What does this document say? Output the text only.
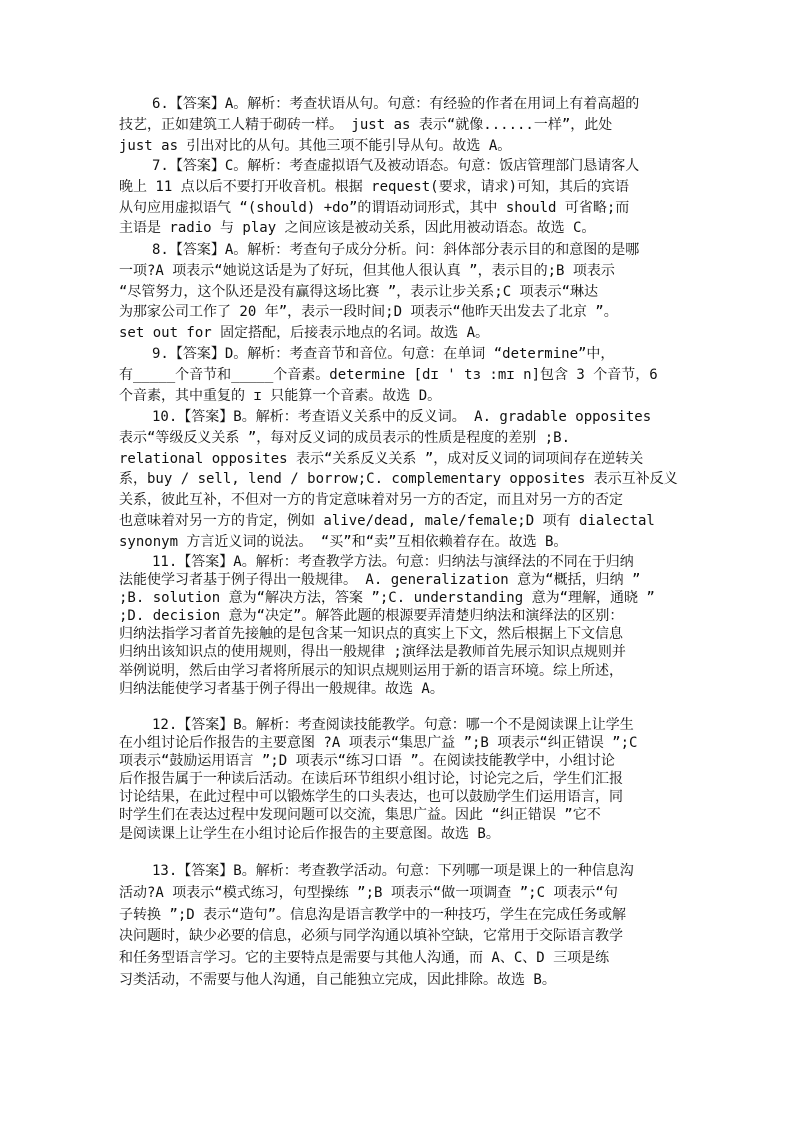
6.【答案】A。解析：考查状语从句。句意：有经验的作者在用词上有着高超的
技艺，正如建筑工人精于砌砖一样。 just as 表示“就像......一样”，此处
just as 引出对比的从句。其他三项不能引导从句。故选 A。
7.【答案】C。解析：考查虚拟语气及被动语态。句意：饭店管理部门恳请客人
晚上 11 点以后不要打开收音机。根据 request(要求，请求)可知，其后的宾语
从句应用虚拟语气 “(should) +do”的谓语动词形式，其中 should 可省略;而
主语是 radio 与 play 之间应该是被动关系，因此用被动语态。故选 C。
8.【答案】A。解析：考查句子成分分析。问：斜体部分表示目的和意图的是哪
一项?A 项表示“她说这话是为了好玩，但其他人很认真 ”，表示目的;B 项表示
“尽管努力，这个队还是没有赢得这场比赛 ”，表示让步关系;C 项表示“琳达
为那家公司工作了 20 年”，表示一段时间;D 项表示“他昨天出发去了北京 ”。
set out for 固定搭配，后接表示地点的名词。故选 A。
9.【答案】D。解析：考查音节和音位。句意：在单词 “determine”中，
有_____个音节和_____个音素。determine [dɪ ' tɜ :mɪ n]包含 3 个音节，6
个音素，其中重复的 ɪ 只能算一个音素。故选 D。
10.【答案】B。解析：考查语义关系中的反义词。 A. gradable opposites
表示“等级反义关系 ”，每对反义词的成员表示的性质是程度的差别 ;B.
relational opposites 表示“关系反义关系 ”，成对反义词的词项间存在逆转关
系，buy / sell, lend / borrow;C. complementary opposites 表示互补反义
关系，彼此互补，不但对一方的肯定意味着对另一方的否定，而且对另一方的否定
也意味着对另一方的肯定，例如 alive/dead, male/female;D 项有 dialectal
synonym 方言近义词的说法。 “买”和“卖”互相依赖着存在。故选 B。
11.【答案】A。解析：考查教学方法。句意：归纳法与演绎法的不同在于归纳
法能使学习者基于例子得出一般规律。 A. generalization 意为“概括，归纳 ”
;B. solution 意为“解决方法，答案 ”;C. understanding 意为“理解，通晓 ”
;D. decision 意为“决定”。解答此题的根源要弄清楚归纳法和演绎法的区别：
归纳法指学习者首先接触的是包含某一知识点的真实上下文，然后根据上下文信息
归纳出该知识点的使用规则，得出一般规律 ;演绎法是教师首先展示知识点规则并
举例说明，然后由学习者将所展示的知识点规则运用于新的语言环境。综上所述，
归纳法能使学习者基于例子得出一般规律。故选 A。
12.【答案】B。解析：考查阅读技能教学。句意：哪一个不是阅读课上让学生
在小组讨论后作报告的主要意图 ?A 项表示“集思广益 ”;B 项表示“纠正错误 ”;C
项表示“鼓励运用语言 ”;D 项表示“练习口语 ”。在阅读技能教学中，小组讨论
后作报告属于一种读后活动。在读后环节组织小组讨论，讨论完之后，学生们汇报
讨论结果，在此过程中可以锻炼学生的口头表达，也可以鼓励学生们运用语言，同
时学生们在表达过程中发现问题可以交流，集思广益。因此 “纠正错误 ”它不
是阅读课上让学生在小组讨论后作报告的主要意图。故选 B。
13.【答案】B。解析：考查教学活动。句意：下列哪一项是课上的一种信息沟
活动?A 项表示“模式练习，句型操练 ”;B 项表示“做一项调查 ”;C 项表示“句
子转换 ”;D 表示“造句”。信息沟是语言教学中的一种技巧，学生在完成任务或解
决问题时，缺少必要的信息，必须与同学沟通以填补空缺，它常用于交际语言教学
和任务型语言学习。它的主要特点是需要与其他人沟通，而 A、C、D 三项是练
习类活动，不需要与他人沟通，自己能独立完成，因此排除。故选 B。
